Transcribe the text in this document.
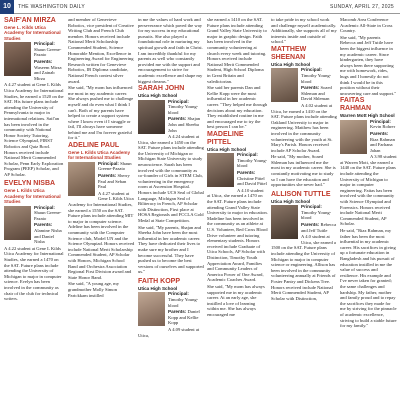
10	THE WASHINGTON DAILY	SUNDAY, APRIL 27, 2025
SAIF'AN MIRZA
Gene L. Kilds Utica Academy for International Studies

Principal: Shaun Greene-Pazato

Parents: Waseem Mirza and Zainab Mirza

A 4.27 student at Gene L Kilds Utica Academy for International Studies, he earned a 1520 on the SAT. His future plans include attending the University of Pennsylvania to major in international relations. Saif'an has been involved in the community with National Honor Society Tutoring, Science Olympiad, FIRST Robotics and Quiz Bowl. Honors received include National Merit Commended Scholar, Penn Early Exploration Program (PEEP) Scholar, and AP Scholar.

EVELYN NISBA
Gene L Kilds Utica Academy for International Studies

Principal: Shaun Greene-Pazato

Parents: Alamine Nisba and Daniel Nisba

A 4.22 student at Gene L Kilds Utica Academy for International Studies, she earned a 1470 on the SAT. Future plans include attending the University of Michigan to major in computer science. Evelyn has been involved in the community as chair of the club for technical writers.

and member of Genevieve Robotics, vice president of Creative Writing Club and French Club member. Honors received include National Merit Scholarship Commended Student, Science Honorable Mention, Excellence in Engineering Award for Engineering Research written for Genevieve Robotics, IB Diploma candidate, National French contest silver award.

She said, "My mom has influenced me most in my academic career. She always pushed me to challenge myself and do even what I think I can't. Both of my parents have helped to create a support system where I know even if I struggle or fail, I'll always have someone behind me and I'm forever grateful for it."

ADELINE PAUL
Gene L Kilds Utica Academy for International Studies

Principal: Shaun Greene-Pazato

Parents: Sherry Paul and Seban Paul

A 4.27 student at Gene L Kilds Utica Academy for International Studies, she earned a 1550 on the SAT. Future plans include attending MIT to major in computer science. Adeline has been involved in the community with the Computer Science club, Model UN and the Science Olympiad. Honors received include National Merit Scholarship Commended Student, AP Scholar with Honors, Michigan School Band and Orchestra Association Regional First Division award and State Honor Band.

She said, "A young age, my grandmother Molly Simon Parickkam instilled

in me the values of hard work and perseverance which paved the way for my success in my educational pursuits. She also played a foundational role in nurturing my spiritual growth and faith in Christ. I am incredibly thankful for my parents as well who constantly provided me with the support and encouragement to strive for academic excellence and shape my biggest dreams."

SARAH JOHN
Utica High School

Principal: Timothy Young-blood

Parents: Shajan John and Sheeba John

A 4.24 student at Utica, she earned a 1450 on the SAT. Future plans include attending the University of Michigan or Michigan State University to study neuroscience. Sarah has been involved with the community as co-founder of Girls in STEM Club, volunteering in the emergency room at Ascension Hospital. Honors include UCS Seal of Global Language, Michigan Seal of Biliteracy in French, AP Scholar with Distinction, First place at HOSA Regionals and FCCLA Gold Medal at State Competition.

She said, "My parents, Shajan and Sheeba John have been the most influential in her academic career. They have dedicated their lives to make sure my brother and I become successful. They have pushed us to become the best versions of ourselves and supported us."

FAITH KOPP
Utica High School

Principal: Timothy Young-blood

Parents: Daniel Kopp and Kellie Kopp

A 4.09 student at Utica,

she earned a 1410 on the SAT. Future plans include attending Grand Valley State University to major in graphic design. Faith has been involved in the community volunteering at church every week and tutoring. Honors received include National Merit Commended Student, High School Diploma in Great Britain and valedictorian.

She said her parents Dan and Kellie Kopp were the most influential in her academic career. "They helped me through decisions about my education. They established routine in me and encouraged me to try the best person I can be."

MADELINE PITTEL
Utica High School

Principal: Timothy Young-blood

Parents: Christine Pittel and David Pittel

A 4.10 student at Utica, she earned a 1470 on the SAT. Future plans include attending Grand Valley State University to major in education. Madeline has been involved in the community as an athlete at U.S. Volunteer, Red Cross Blood Drive volunteer and tutoring elementary students. Honors received include Graduate of Utica Schools, AP Scholar with Distinction, Timothy Youth Appreciation Award, Families and Community Leaders of America Power of One Award, Academic Coaches Award.

She said, "My mom has always supported me in my academic career. At an early age, she instilled a love of learning within me. She has always encouraged me

to take pride in my school work and challenge myself academically. Additionally, she supports all of my interests inside and outside of school."

MATTHEW SHEENAN
Utica High School

Principal: Timothy Young-blood

Parents: Soaed Shleman and David Shleman

A 4.02 student at Utica, he earned a 1410 on the SAT. Future plans include attending Oakland University to major in engineering. Matthew has been involved in the community volunteering with the youth at St. Mary's Parish. Honors received include AP Scholar Award.

He said, "My mother, Soaed Shleman has influenced me the most in my academic career. She is constantly motivating me to study so I can have the education and opportunities she never had."

ALLISON TUTTLE
Utica High School

Principal: Timothy Young-blood

Parents: Rebecca and Jeff Tuttle

A 4.0 student at Utica, she earned a 1500 on the SAT. Future plans include attending the University of Michigan to major in computer science or engineering. Allison has been involved in the community volunteering annually at Friends of Foster Pantry and Dickens Tree. Honors received include National Merit Commended Student, AP Scholar with Distinction,

Macomb Area Conference Academic All-State in Cross Country.

She said, "My parents Rebecca and Jeff Tuttle have been the biggest influence in my academic career. Since kindergarten, they have always been there supporting me with homework, rides, hugs and I honestly do not think I would be in this position without their unwavering care and support."

FAITAS RAHMAN
Warren Mott High School

Principal: Kevin Rohrer

Parents: Riaz Rahman and Farhana Jahan

A 3.98 student at Warren Mott, she earned a 1440 on the SAT. Future plans include attending the University of Michigan to major in computer engineering. Faitas has been involved with the community with Science Olympiad and Forensics. Honors received include National Merit Commended Student, AP Scholar.

He said, "Riaz Rahman, my father has been the most influential in my academic career. His sacrifices in giving up a fortunate education in Bangladesh and his pursuit of education instilled in me the value of success and resilience. His example and I've never taken for granted; the same challenges and hardship. My father, mother and family proud and to repay the sacrifices they made for me by striving for the pinnacle of academic excellence, striving to build a stable future for my family."
